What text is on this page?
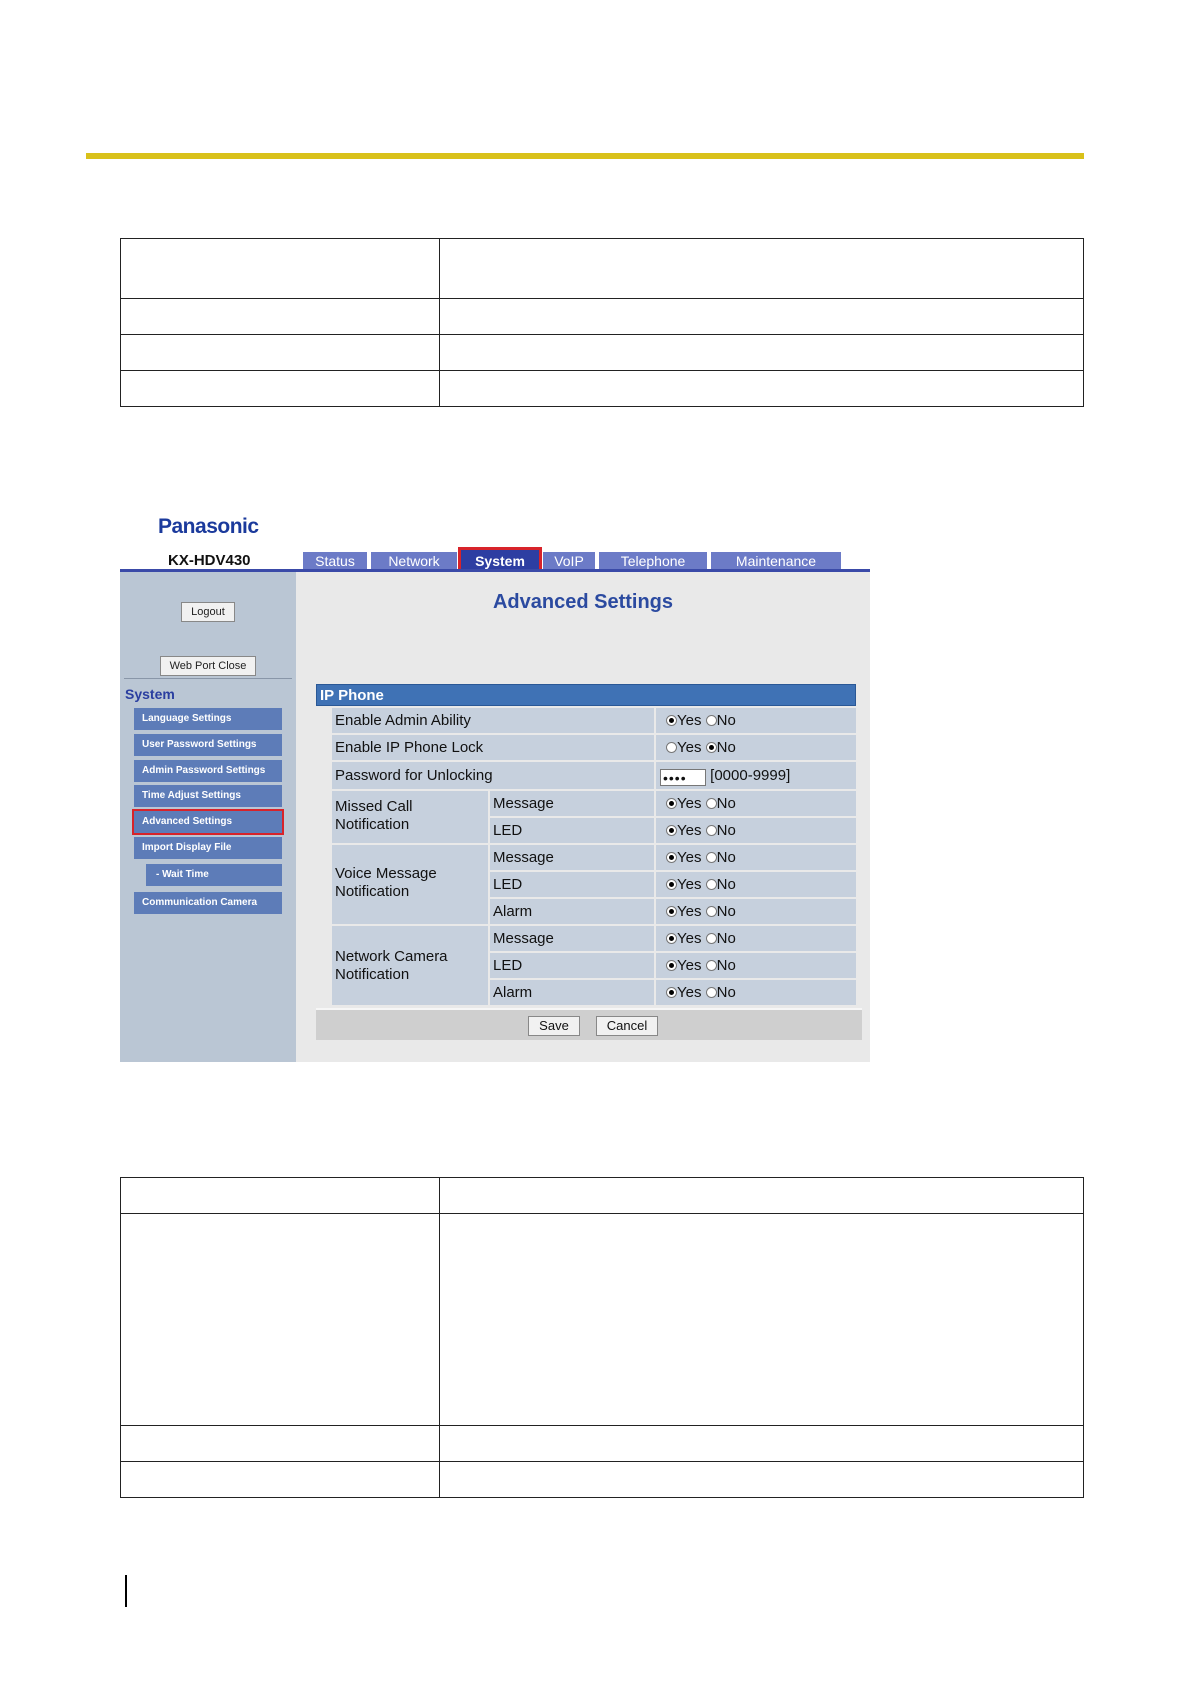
Panasonic
KX-HDV430	Status	Network	System	VoIP	Telephone	Maintenance
Logout
Web Port Close
System
Language Settings
User Password Settings
Admin Password Settings
Time Adjust Settings
Advanced Settings
Import Display File
- Wait Time
Communication Camera
Advanced Settings
IP Phone
Enable Admin Ability	Yes No
Enable IP Phone Lock	Yes No
Password for Unlocking	•••• [0000-9999]
Missed Call
Notification
Message	Yes No
LED	Yes No
Voice Message
Notification
Message	Yes No
LED	Yes No
Alarm	Yes No
Network Camera
Notification
Message	Yes No
LED	Yes No
Alarm	Yes No
Save	Cancel
